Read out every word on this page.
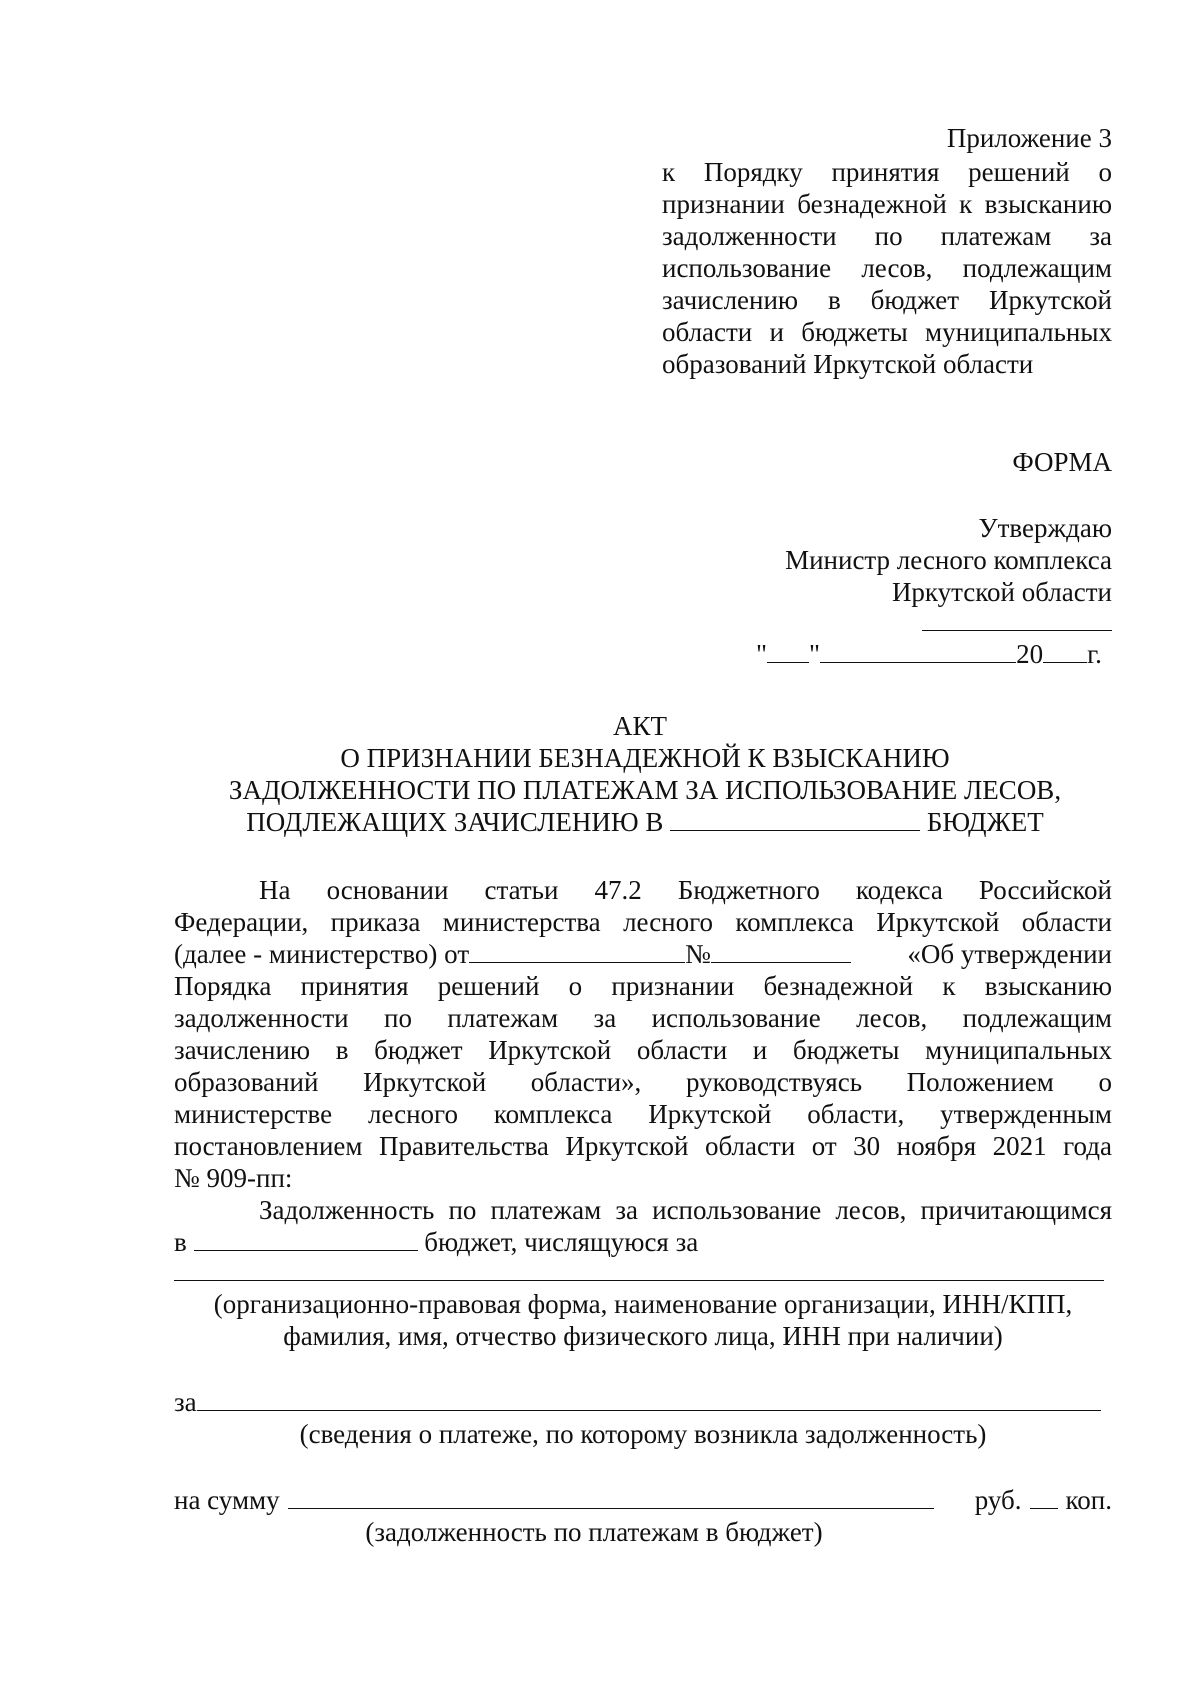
Приложение 3
к Порядку принятия решений о
признании безнадежной к взысканию
задолженности по платежам за
использование лесов, подлежащим
зачислению в бюджет Иркутской
области и бюджеты муниципальных
образований Иркутской области
ФОРМА
Утверждаю
Министр лесного комплекса
Иркутской области
" "	20 г.
АКТ
О ПРИЗНАНИИ БЕЗНАДЕЖНОЙ К ВЗЫСКАНИЮ
ЗАДОЛЖЕННОСТИ ПО ПЛАТЕЖАМ ЗА ИСПОЛЬЗОВАНИЕ ЛЕСОВ,
ПОДЛЕЖАЩИХ ЗАЧИСЛЕНИЮ В	БЮДЖЕТ
На основании статьи 47.2 Бюджетного кодекса Российской
Федерации, приказа министерства лесного комплекса Иркутской области
(далее - министерство) от	№	«Об утверждении
Порядка принятия решений о признании безнадежной к взысканию
задолженности по платежам за использование лесов, подлежащим
зачислению в бюджет Иркутской области и бюджеты муниципальных
образований Иркутской области», руководствуясь Положением о
министерстве лесного комплекса Иркутской области, утвержденным
постановлением Правительства Иркутской области от 30 ноября 2021 года
№ 909-пп:
Задолженность по платежам за использование лесов, причитающимся
в	бюджет, числящуюся за
(организационно-правовая форма, наименование организации, ИНН/КПП,
фамилия, имя, отчество физического лица, ИНН при наличии)
за
(сведения о платеже, по которому возникла задолженность)
на сумму	руб. коп.
(задолженность по платежам в бюджет)
